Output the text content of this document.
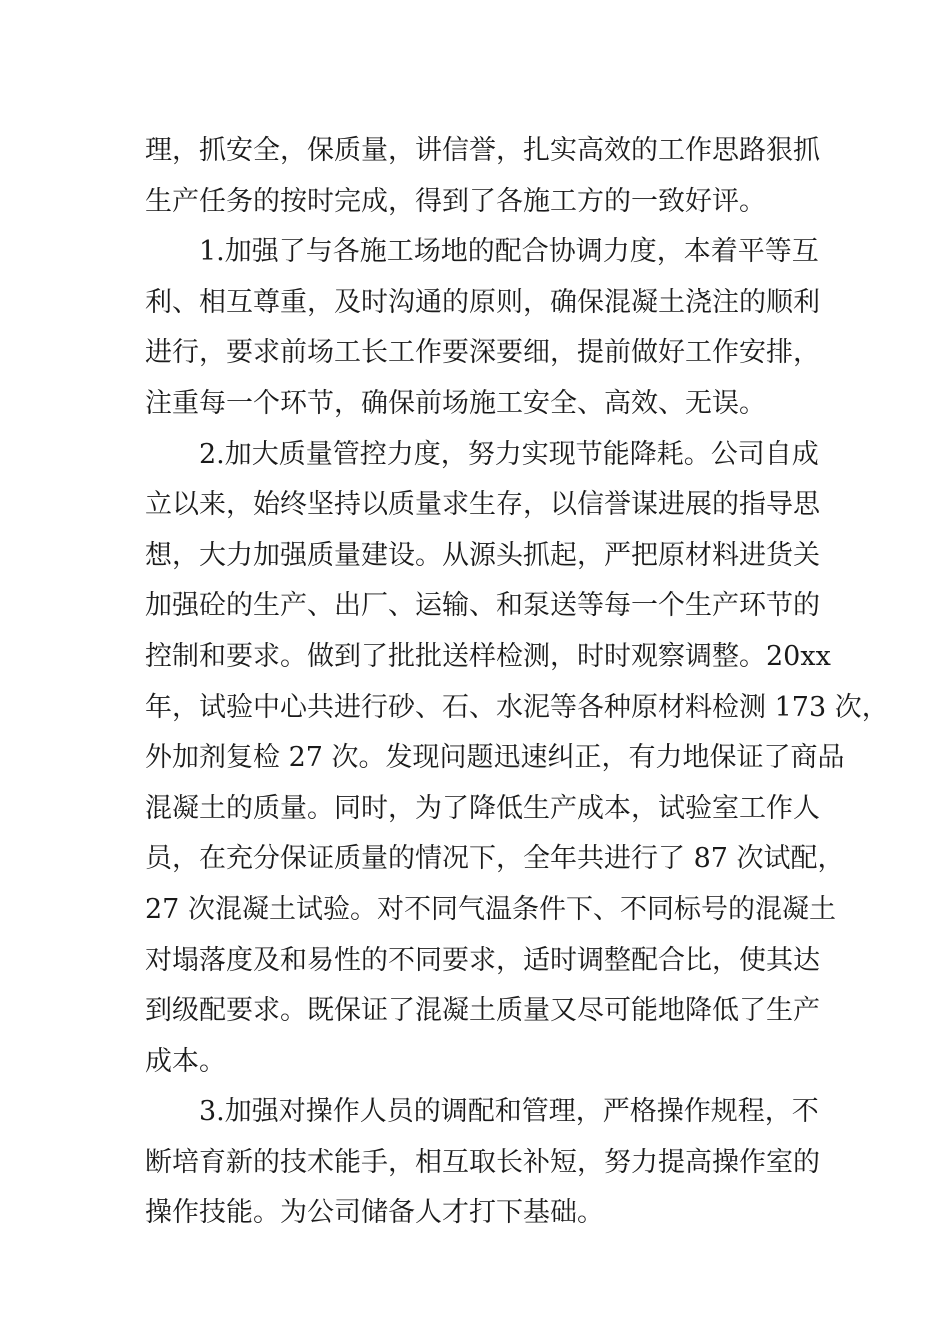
理，抓安全，保质量，讲信誉，扎实高效的工作思路狠抓
生产任务的按时完成，得到了各施工方的一致好评。

1.加强了与各施工场地的配合协调力度，本着平等互
利、相互尊重，及时沟通的原则，确保混凝土浇注的顺利
进行，要求前场工长工作要深要细，提前做好工作安排，
注重每一个环节，确保前场施工安全、高效、无误。

2.加大质量管控力度，努力实现节能降耗。公司自成
立以来，始终坚持以质量求生存，以信誉谋进展的指导思
想，大力加强质量建设。从源头抓起，严把原材料进货关
加强砼的生产、出厂、运输、和泵送等每一个生产环节的
控制和要求。做到了批批送样检测，时时观察调整。20xx
年，试验中心共进行砂、石、水泥等各种原材料检测 173 次，
外加剂复检 27 次。发现问题迅速纠正，有力地保证了商品
混凝土的质量。同时，为了降低生产成本，试验室工作人
员，在充分保证质量的情况下，全年共进行了 87 次试配，
27 次混凝土试验。对不同气温条件下、不同标号的混凝土
对塌落度及和易性的不同要求，适时调整配合比，使其达
到级配要求。既保证了混凝土质量又尽可能地降低了生产
成本。

3.加强对操作人员的调配和管理，严格操作规程，不
断培育新的技术能手，相互取长补短，努力提高操作室的
操作技能。为公司储备人才打下基础。
